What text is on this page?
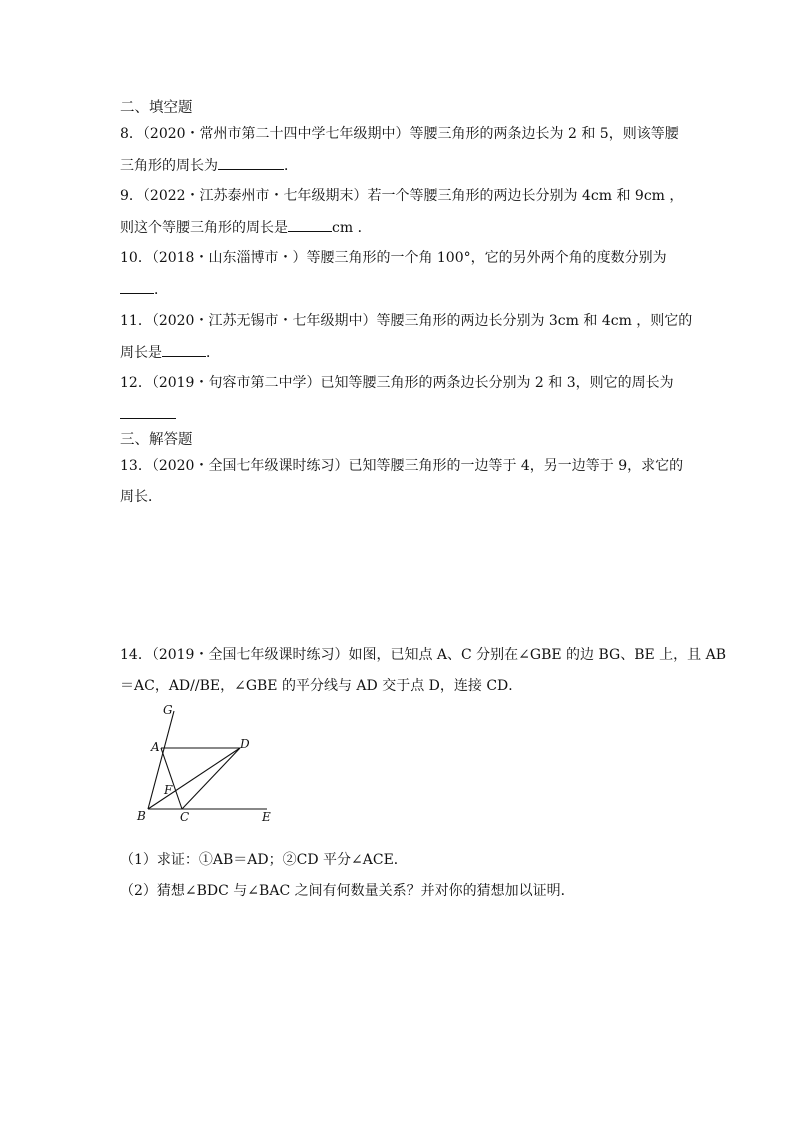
二、填空题
8．（2020・常州市第二十四中学七年级期中）等腰三角形的两条边长为 2 和 5，则该等腰
三角形的周长为	．
9．（2022・江苏泰州市・七年级期末）若一个等腰三角形的两边长分别为 4cm 和 9cm ，
则这个等腰三角形的周长是	cm ．
10．（2018・山东淄博市・）等腰三角形的一个角 100°，它的另外两个角的度数分别为
．
11．（2020・江苏无锡市・七年级期中）等腰三角形的两边长分别为 3cm 和 4cm ，则它的
周长是	．
12．（2019・句容市第二中学）已知等腰三角形的两条边长分别为 2 和 3，则它的周长为
三、解答题
13．（2020・全国七年级课时练习）已知等腰三角形的一边等于 4，另一边等于 9，求它的
周长．
14．（2019・全国七年级课时练习）如图，已知点 A、C 分别在∠GBE 的边 BG、BE 上，且 AB
＝AC，AD//BE，∠GBE 的平分线与 AD 交于点 D，连接 CD．
G
A	D
F
B	C	E
（1）求证：①AB＝AD；②CD 平分∠ACE．
（2）猜想∠BDC 与∠BAC 之间有何数量关系？并对你的猜想加以证明．
